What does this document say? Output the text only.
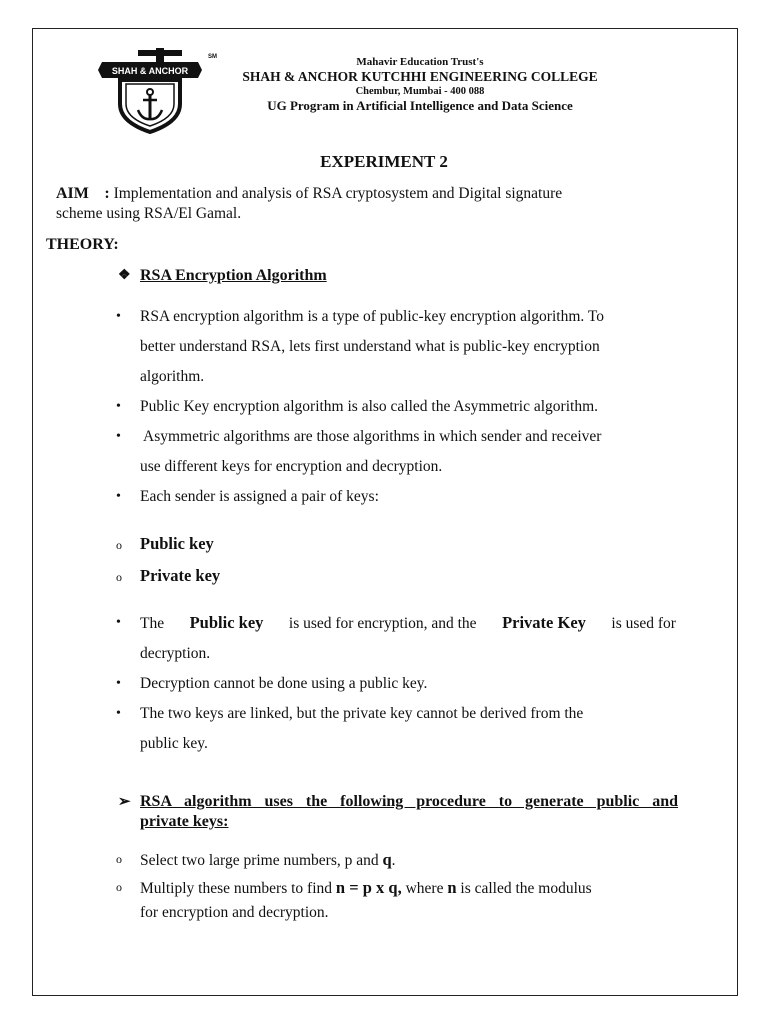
SHAH & ANCHOR
SM	Mahavir Education Trust's
SHAH & ANCHOR KUTCHHI ENGINEERING COLLEGE
Chembur, Mumbai - 400 088
UG Program in Artificial Intelligence and Data Science
EXPERIMENT 2
AIM : Implementation and analysis of RSA cryptosystem and Digital signature
scheme using RSA/El Gamal.
THEORY:
❖ RSA Encryption Algorithm
• RSA encryption algorithm is a type of public-key encryption algorithm. To
better understand RSA, lets first understand what is public-key encryption
algorithm.
• Public Key encryption algorithm is also called the Asymmetric algorithm.
• Asymmetric algorithms are those algorithms in which sender and receiver
use different keys for encryption and decryption.
• Each sender is assigned a pair of keys:
o Public key
o Private key
• The Public key is used for encryption, and the Private Key is used for
decryption.
• Decryption cannot be done using a public key.
• The two keys are linked, but the private key cannot be derived from the
public key.
➢ RSA algorithm uses the following procedure to generate public and
private keys:
o Select two large prime numbers, p and q.
o Multiply these numbers to find n = p x q, where n is called the modulus
for encryption and decryption.
